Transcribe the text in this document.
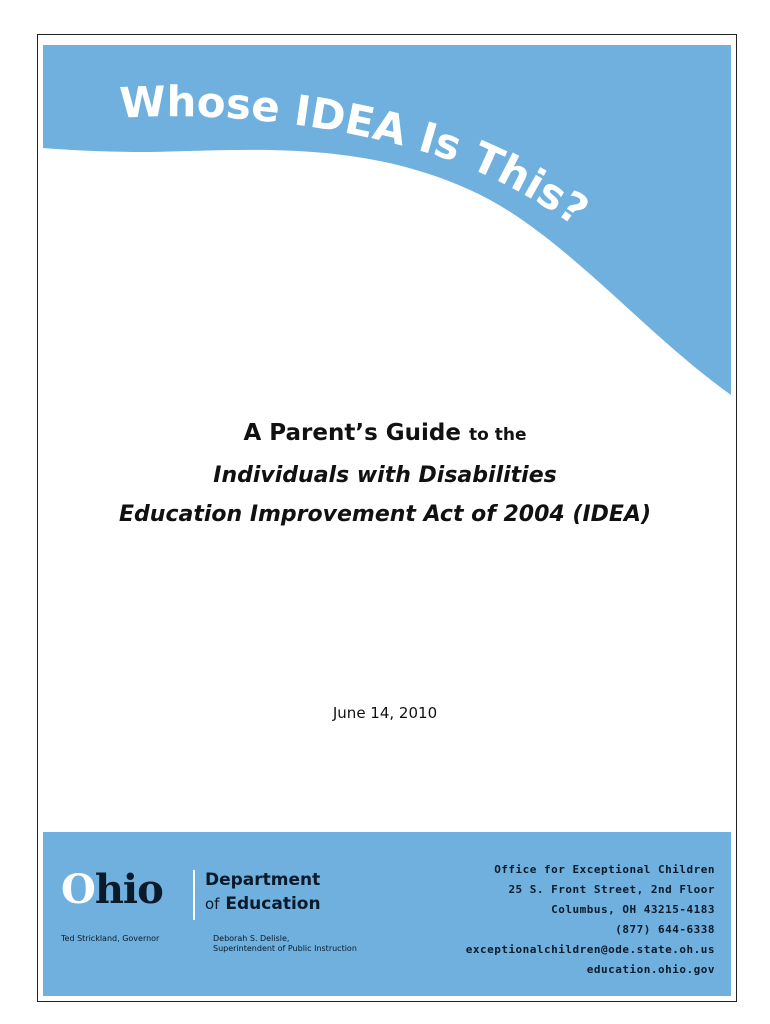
Whose IDEA Is This?
A Parent’s Guide to the
Individuals with Disabilities
Education Improvement Act of 2004 (IDEA)
June 14, 2010
Ohio Department
of Education
Ted Strickland, Governor	Deborah S. Delisle,
Superintendent of Public Instruction
Office for Exceptional Children
25 S. Front Street, 2nd Floor
Columbus, OH 43215-4183
(877) 644-6338
exceptionalchildren@ode.state.oh.us
education.ohio.gov
